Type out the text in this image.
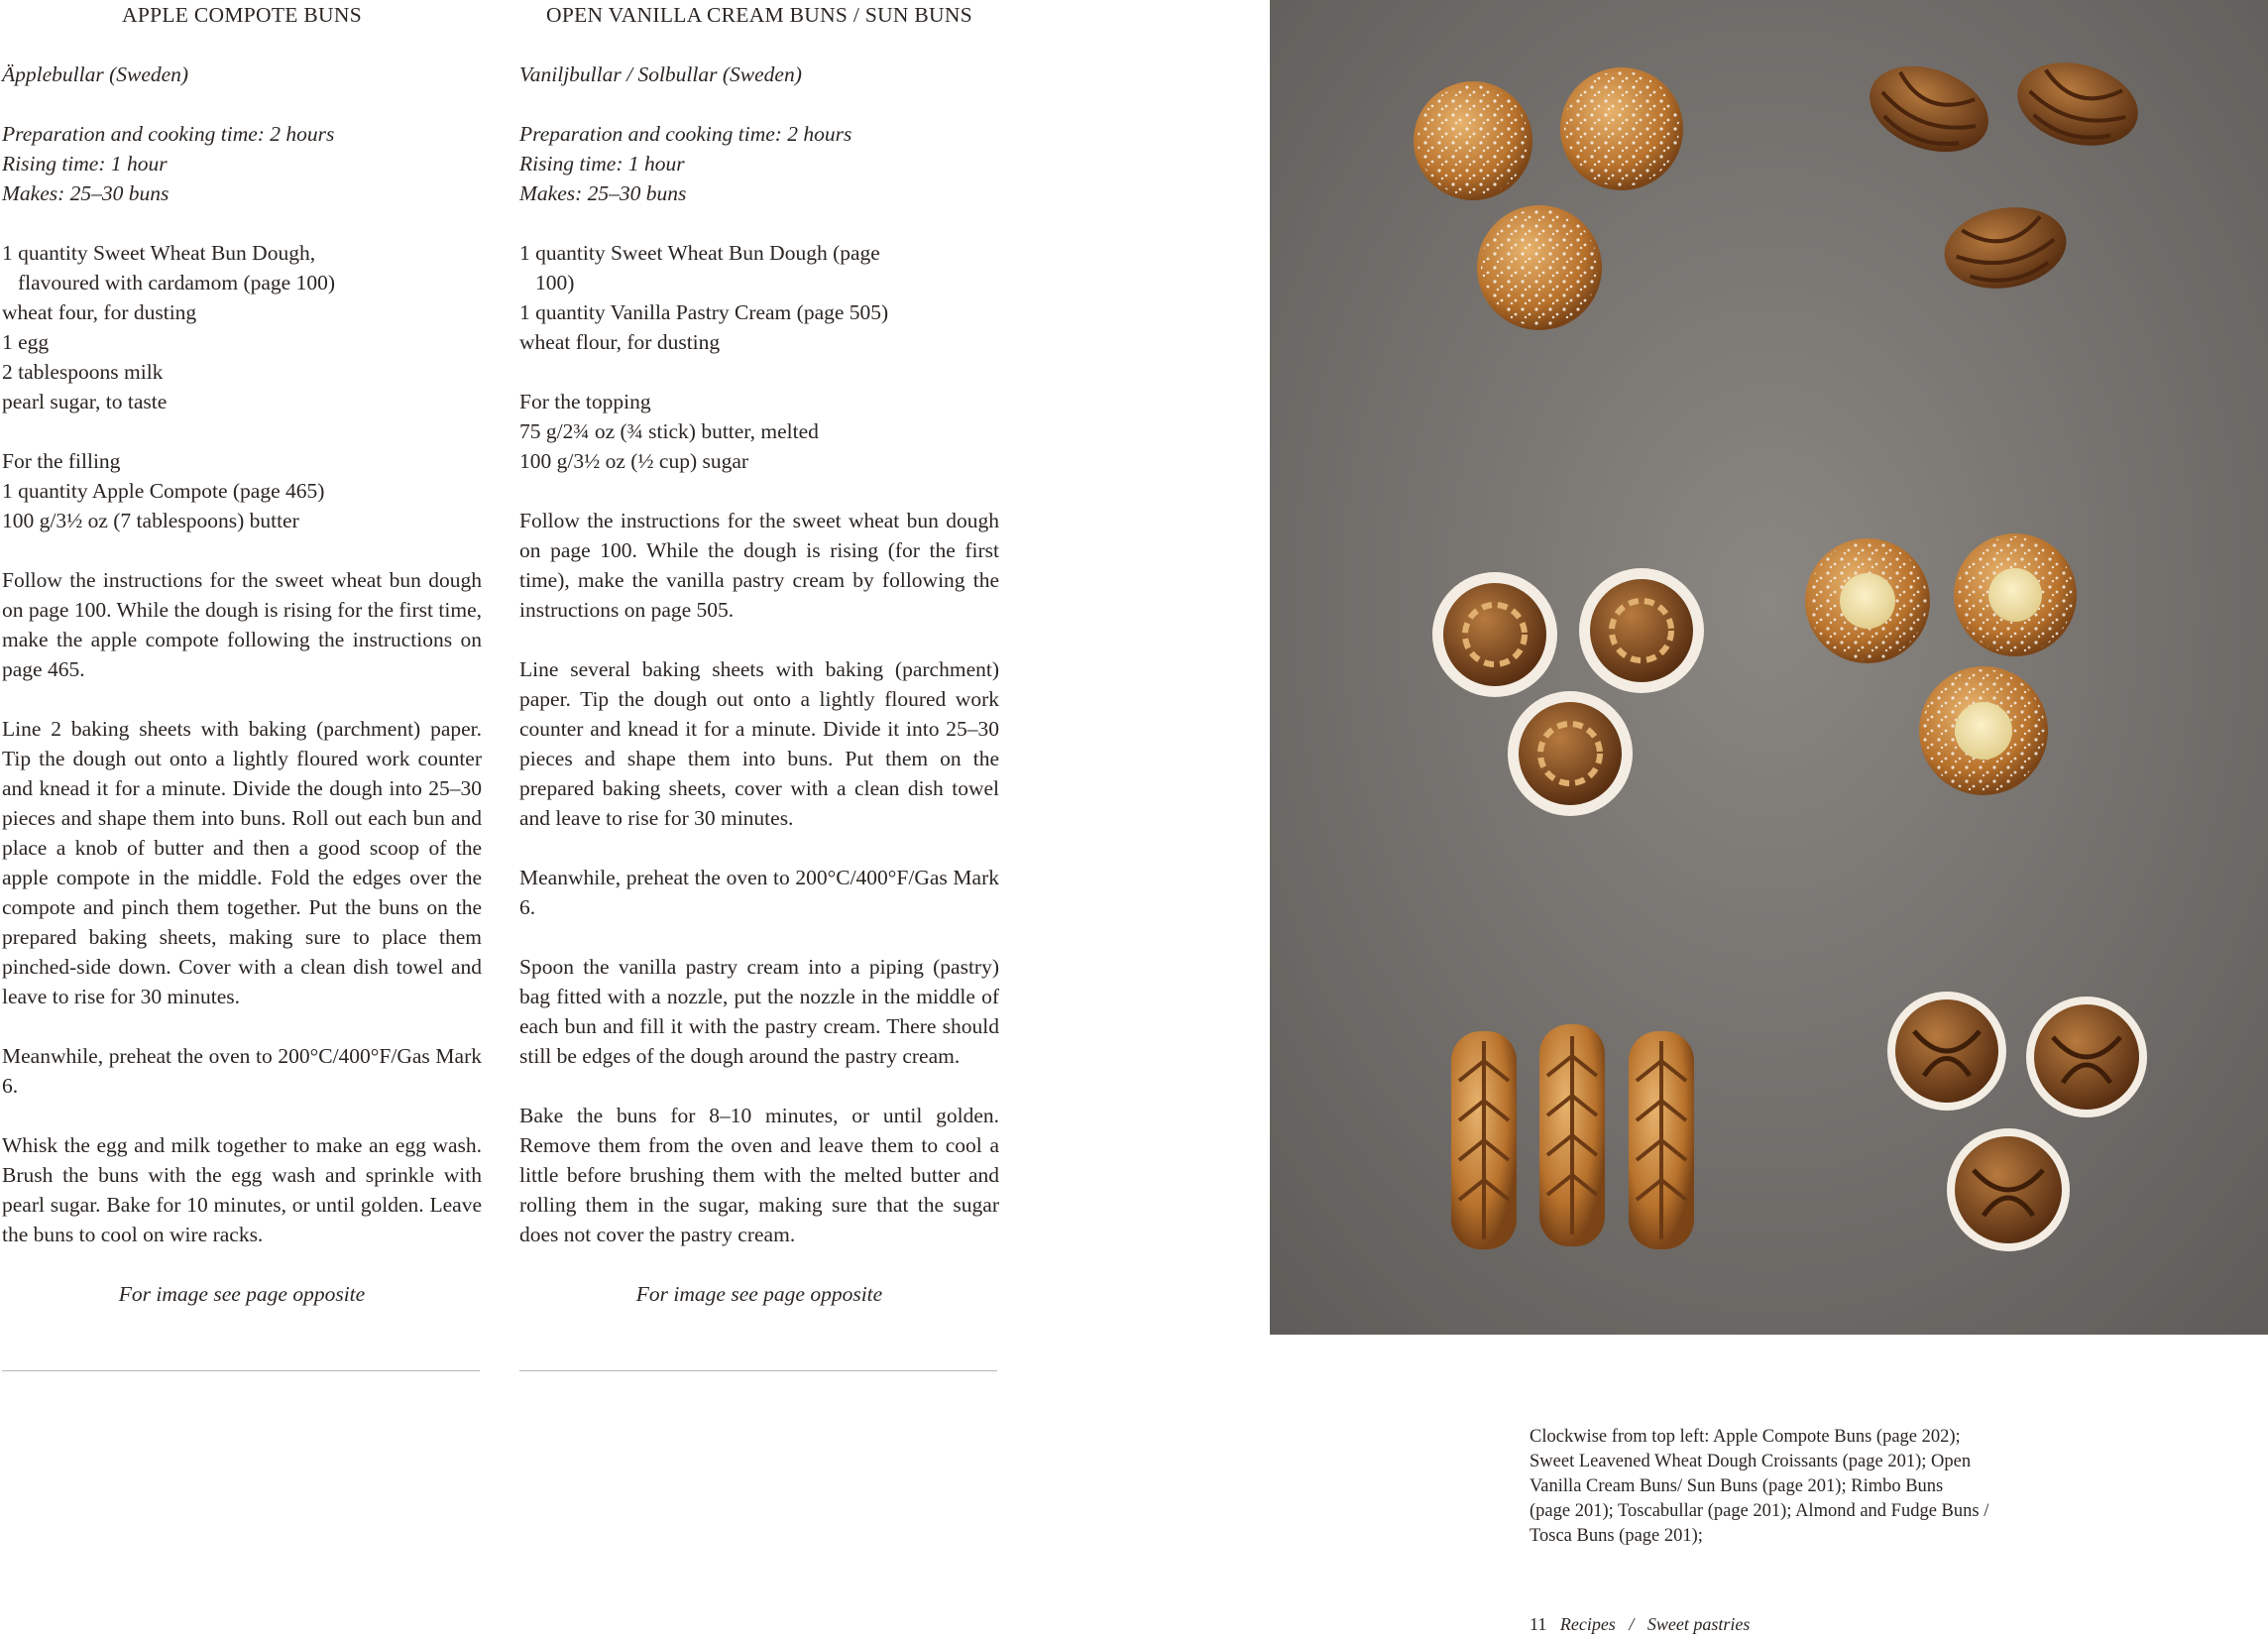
APPLE COMPOTE BUNS

Äpplebullar (Sweden)

Preparation and cooking time: 2 hours

Rising time: 1 hour

Makes: 25–30 buns

1 quantity Sweet Wheat Bun Dough,

flavoured with cardamom (page 100)

wheat four, for dusting

1 egg

2 tablespoons milk

pearl sugar, to taste

For the filling

1 quantity Apple Compote (page 465)

100 g/3½ oz (7 tablespoons) butter

Follow the instructions for the sweet wheat bun dough on page 100. While the dough is rising for the first time, make the apple compote following the instructions on page 465.

Line 2 baking sheets with baking (parchment) paper. Tip the dough out onto a lightly floured work counter and knead it for a minute. Divide the dough into 25–30 pieces and shape them into buns. Roll out each bun and place a knob of butter and then a good scoop of the apple compote in the middle. Fold the edges over the compote and pinch them together. Put the buns on the prepared baking sheets, making sure to place them pinched-side down. Cover with a clean dish towel and leave to rise for 30 minutes.

Meanwhile, preheat the oven to 200°C/400°F/Gas Mark 6.

Whisk the egg and milk together to make an egg wash. Brush the buns with the egg wash and sprinkle with pearl sugar. Bake for 10 minutes, or until golden. Leave the buns to cool on wire racks.

For image see page opposite

OPEN VANILLA CREAM BUNS / SUN BUNS

Vaniljbullar / Solbullar (Sweden)

Preparation and cooking time: 2 hours

Rising time: 1 hour

Makes: 25–30 buns

1 quantity Sweet Wheat Bun Dough (page

100)

1 quantity Vanilla Pastry Cream (page 505)

wheat flour, for dusting

For the topping

75 g/2¾ oz (¾ stick) butter, melted

100 g/3½ oz (½ cup) sugar

Follow the instructions for the sweet wheat bun dough on page 100. While the dough is rising (for the first time), make the vanilla pastry cream by following the instructions on page 505.

Line several baking sheets with baking (parchment) paper. Tip the dough out onto a lightly floured work counter and knead it for a minute. Divide it into 25–30 pieces and shape them into buns. Put them on the prepared baking sheets, cover with a clean dish towel and leave to rise for 30 minutes.

Meanwhile, preheat the oven to 200°C/400°F/Gas Mark 6.

Spoon the vanilla pastry cream into a piping (pastry) bag fitted with a nozzle, put the nozzle in the middle of each bun and fill it with the pastry cream. There should still be edges of the dough around the pastry cream.

Bake the buns for 8–10 minutes, or until golden. Remove them from the oven and leave them to cool a little before brushing them with the melted butter and rolling them in the sugar, making sure that the sugar does not cover the pastry cream.

For image see page opposite

Clockwise from top left: Apple Compote Buns (page 202);

Sweet Leavened Wheat Dough Croissants (page 201); Open

Vanilla Cream Buns/ Sun Buns (page 201); Rimbo Buns

(page 201); Toscabullar (page 201); Almond and Fudge Buns /

Tosca Buns (page 201);

11 Recipes / Sweet pastries
